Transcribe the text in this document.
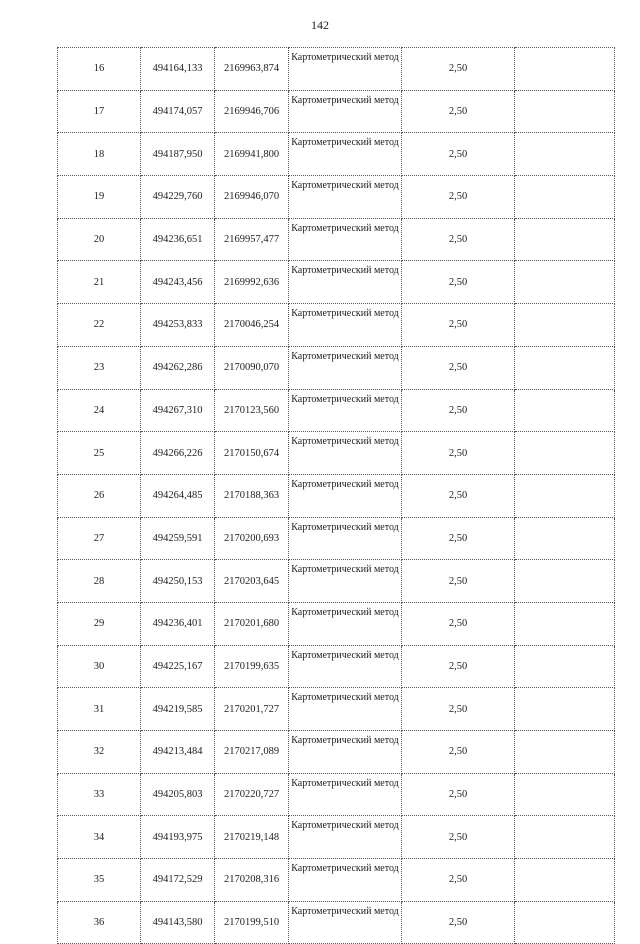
142
16	494164,133	2169963,874	Картометрический метод	2,50	
17	494174,057	2169946,706	Картометрический метод	2,50	
18	494187,950	2169941,800	Картометрический метод	2,50	
19	494229,760	2169946,070	Картометрический метод	2,50	
20	494236,651	2169957,477	Картометрический метод	2,50	
21	494243,456	2169992,636	Картометрический метод	2,50	
22	494253,833	2170046,254	Картометрический метод	2,50	
23	494262,286	2170090,070	Картометрический метод	2,50	
24	494267,310	2170123,560	Картометрический метод	2,50	
25	494266,226	2170150,674	Картометрический метод	2,50	
26	494264,485	2170188,363	Картометрический метод	2,50	
27	494259,591	2170200,693	Картометрический метод	2,50	
28	494250,153	2170203,645	Картометрический метод	2,50	
29	494236,401	2170201,680	Картометрический метод	2,50	
30	494225,167	2170199,635	Картометрический метод	2,50	
31	494219,585	2170201,727	Картометрический метод	2,50	
32	494213,484	2170217,089	Картометрический метод	2,50	
33	494205,803	2170220,727	Картометрический метод	2,50	
34	494193,975	2170219,148	Картометрический метод	2,50	
35	494172,529	2170208,316	Картометрический метод	2,50	
36	494143,580	2170199,510	Картометрический метод	2,50	
